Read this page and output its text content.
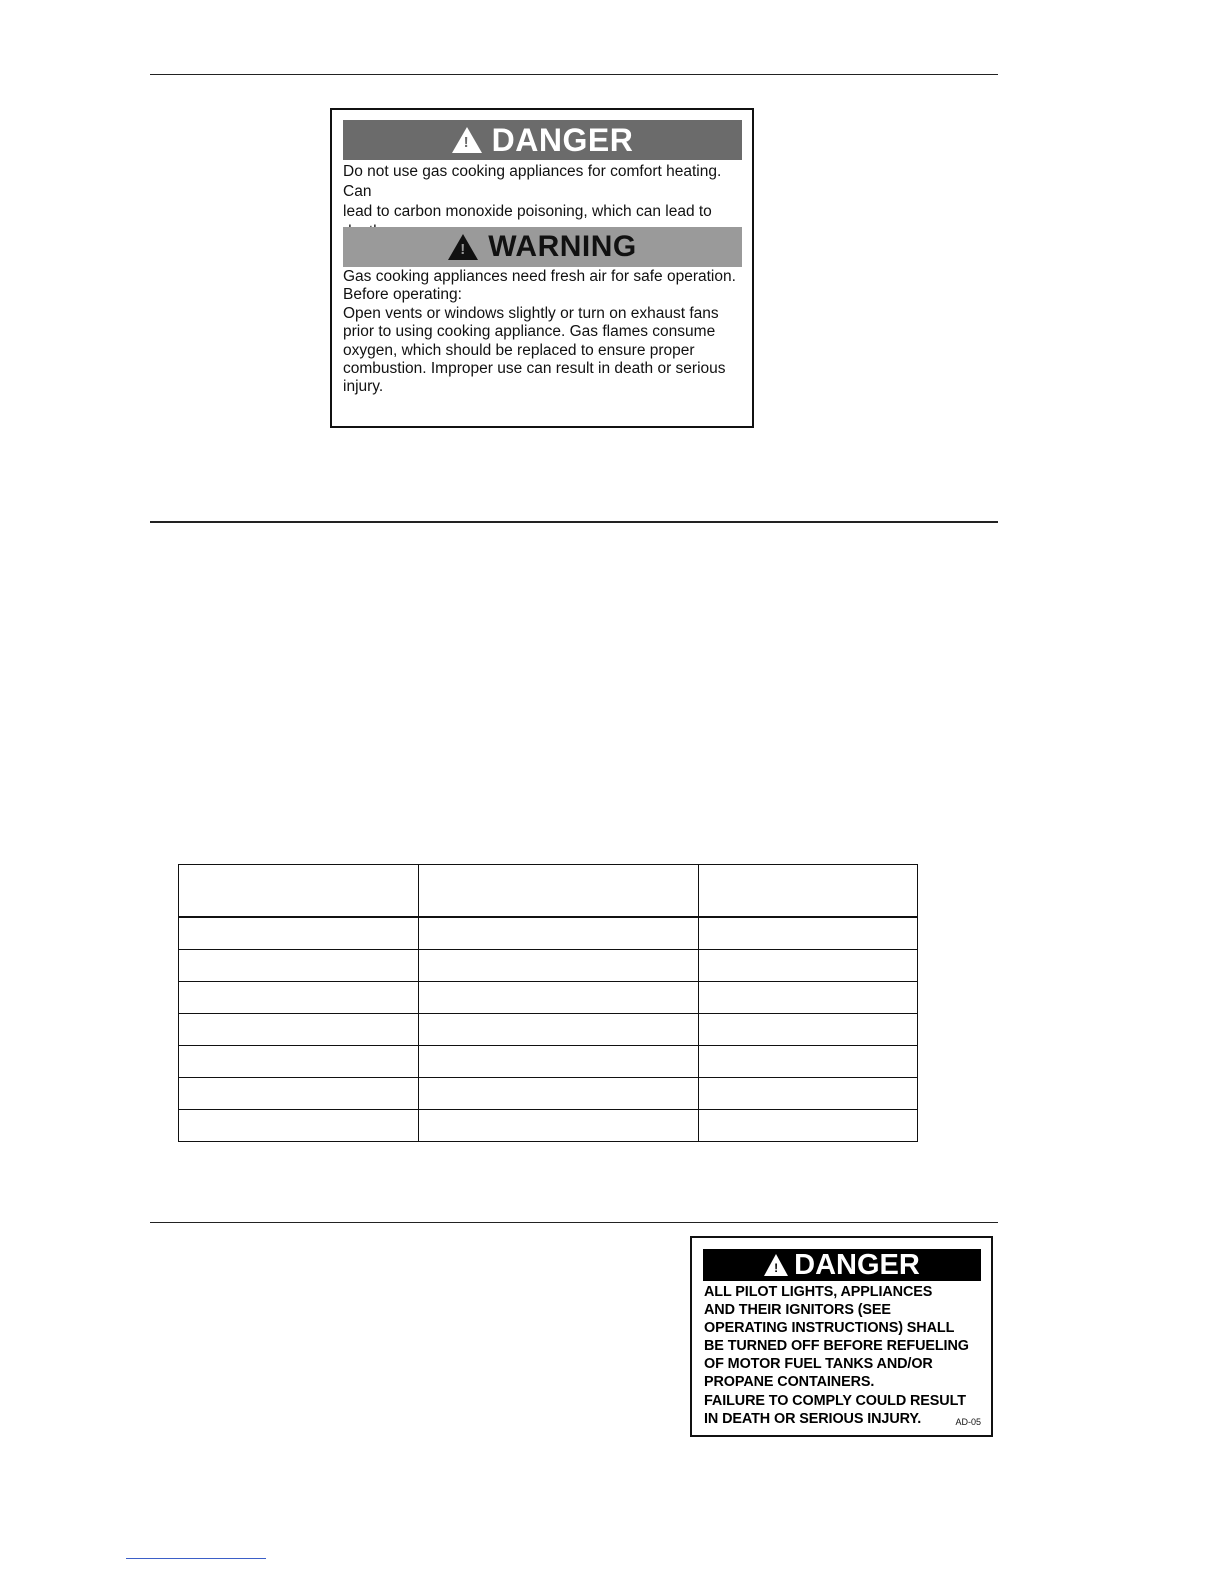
! DANGER
Do not use gas cooking appliances for comfort heating. Can
lead to carbon monoxide poisoning, which can lead to

! WARNING
Gas cooking appliances need fresh air for safe operation.
Before operating:
Open vents or windows slightly or turn on exhaust fans
prior to using cooking appliance. Gas flames consume
oxygen, which should be replaced to ensure proper
combustion. Improper use can result in death or serious
injury.

! DANGER
ALL PILOT LIGHTS, APPLIANCES
AND THEIR IGNITORS (SEE
OPERATING INSTRUCTIONS) SHALL
BE TURNED OFF BEFORE REFUELING
OF MOTOR FUEL TANKS AND/OR
PROPANE CONTAINERS.
FAILURE TO COMPLY COULD RESULT
IN DEATH OR SERIOUS INJURY.	AD-05
